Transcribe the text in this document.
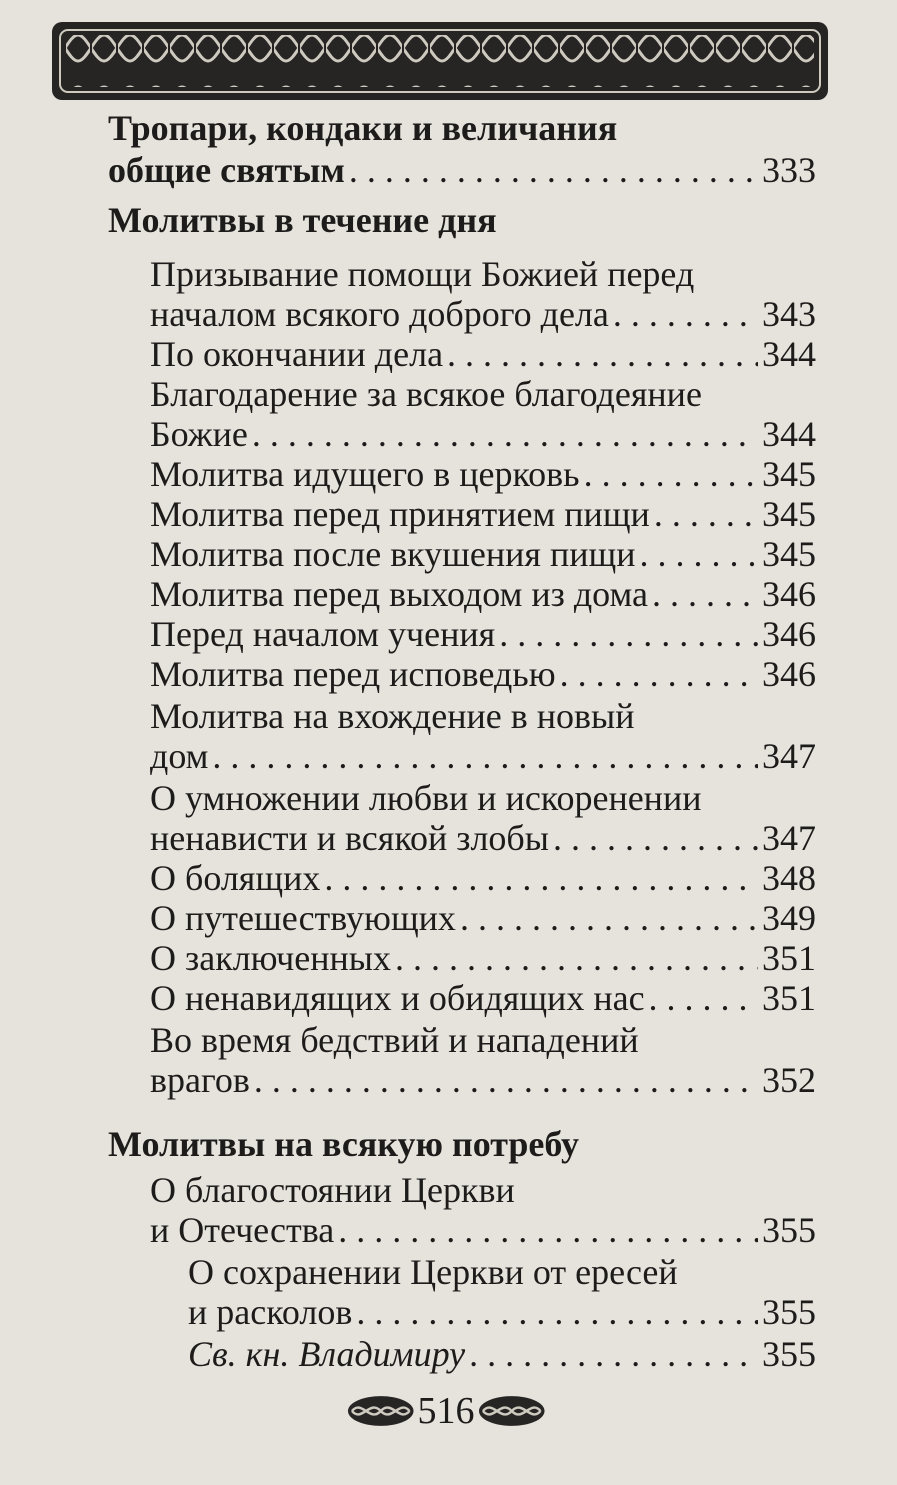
Тропари, кондаки и величания
общие святым . . .	333
Молитвы в течение дня
Призывание помощи Божией перед
началом всякого доброго дела . . .	343
По окончании дела . . .	344
Благодарение за всякое благодеяние
Божие . . .	344
Молитва идущего в церковь . . .	345
Молитва перед принятием пищи . . .	345
Молитва после вкушения пищи . . .	345
Молитва перед выходом из дома . . .	346
Перед началом учения . . .	346
Молитва перед исповедью . . .	346
Молитва на вхождение в новый
дом . . .	347
О умножении любви и искоренении
ненависти и всякой злобы . . .	347
О болящих . . .	348
О путешествующих . . .	349
О заключенных . . .	351
О ненавидящих и обидящих нас . . .	351
Во время бедствий и нападений
врагов . . .	352
Молитвы на всякую потребу
О благостоянии Церкви
и Отечества . . .	355
О сохранении Церкви от ересей
и расколов . . .	355
Св. кн. Владимиру . . .	355
516
